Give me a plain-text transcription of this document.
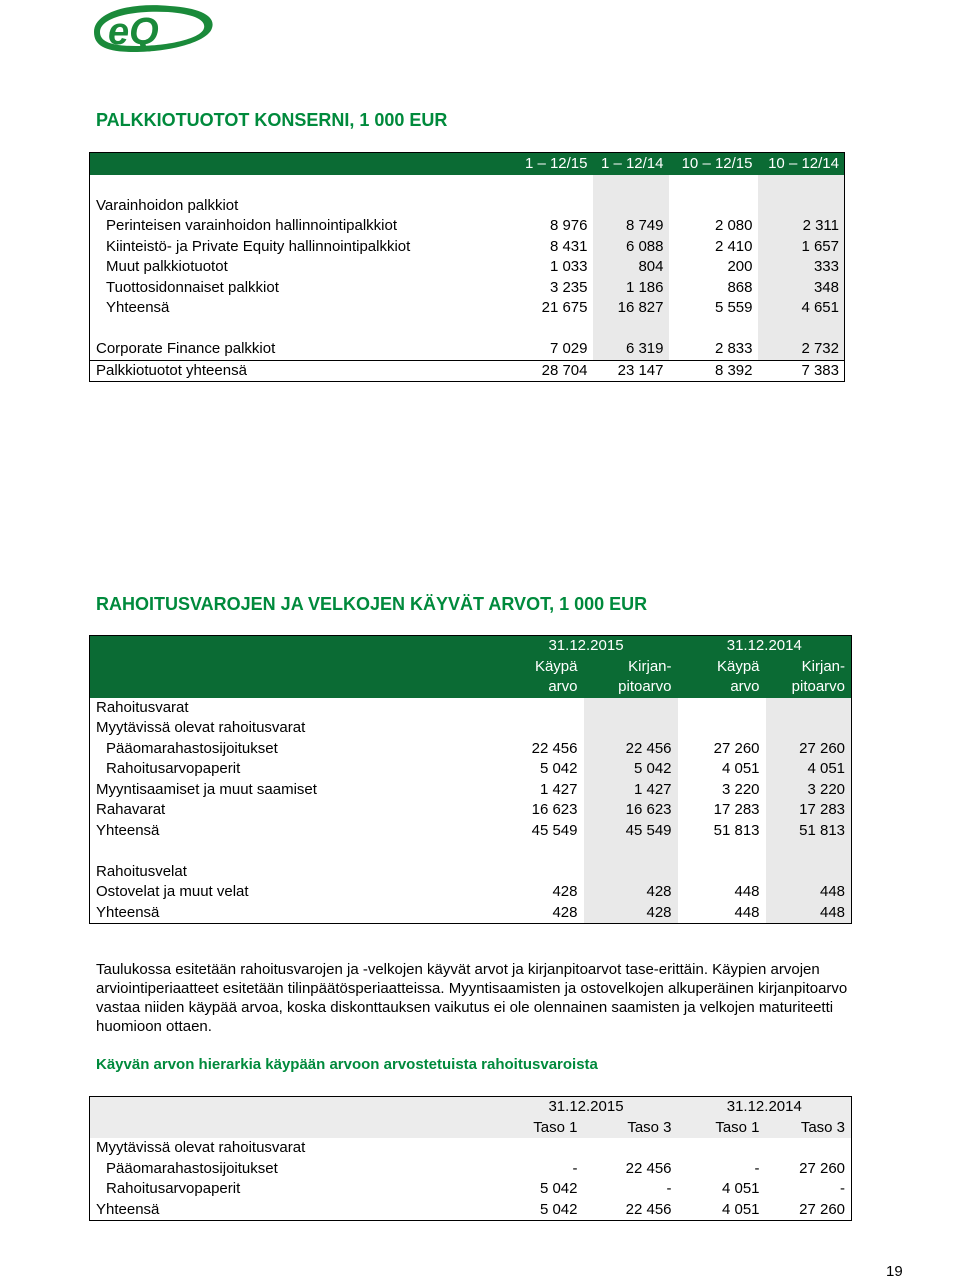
eQ
PALKKIOTUOTOT KONSERNI, 1 000 EUR
	1 – 12/15	1 – 12/14	10 – 12/15	10 – 12/14

Varainhoidon palkkiot				
Perinteisen varainhoidon hallinnointipalkkiot	8 976	8 749	2 080	2 311
Kiinteistö- ja Private Equity hallinnointipalkkiot	8 431	6 088	2 410	1 657
Muut palkkiotuotot	1 033	804	200	333
Tuottosidonnaiset palkkiot	3 235	1 186	868	348
Yhteensä	21 675	16 827	5 559	4 651

Corporate Finance palkkiot	7 029	6 319	2 833	2 732
Palkkiotuotot yhteensä	28 704	23 147	8 392	7 383
RAHOITUSVAROJEN JA VELKOJEN KÄYVÄT ARVOT, 1 000 EUR
	31.12.2015		31.12.2014	
	Käypä	Kirjan-	Käypä	Kirjan-
	arvo	pitoarvo	arvo	pitoarvo
Rahoitusvarat				
Myytävissä olevat rahoitusvarat				
Pääomarahastosijoitukset	22 456	22 456	27 260	27 260
Rahoitusarvopaperit	5 042	5 042	4 051	4 051
Myyntisaamiset ja muut saamiset	1 427	1 427	3 220	3 220
Rahavarat	16 623	16 623	17 283	17 283
Yhteensä	45 549	45 549	51 813	51 813

Rahoitusvelat				
Ostovelat ja muut velat	428	428	448	448
Yhteensä	428	428	448	448
Taulukossa esitetään rahoitusvarojen ja -velkojen käyvät arvot ja kirjanpitoarvot tase-erittäin. Käypien arvojen arviointiperiaatteet esitetään tilinpäätösperiaatteissa. Myyntisaamisten ja ostovelkojen alkuperäinen kirjanpitoarvo vastaa niiden käypää arvoa, koska diskonttauksen vaikutus ei ole olennainen saamisten ja velkojen maturiteetti huomioon ottaen.
Käyvän arvon hierarkia käypään arvoon arvostetuista rahoitusvaroista
	31.12.2015		31.12.2014	
	Taso 1	Taso 3	Taso 1	Taso 3
Myytävissä olevat rahoitusvarat				
Pääomarahastosijoitukset	-	22 456	-	27 260
Rahoitusarvopaperit	5 042	-	4 051	-
Yhteensä	5 042	22 456	4 051	27 260
19
